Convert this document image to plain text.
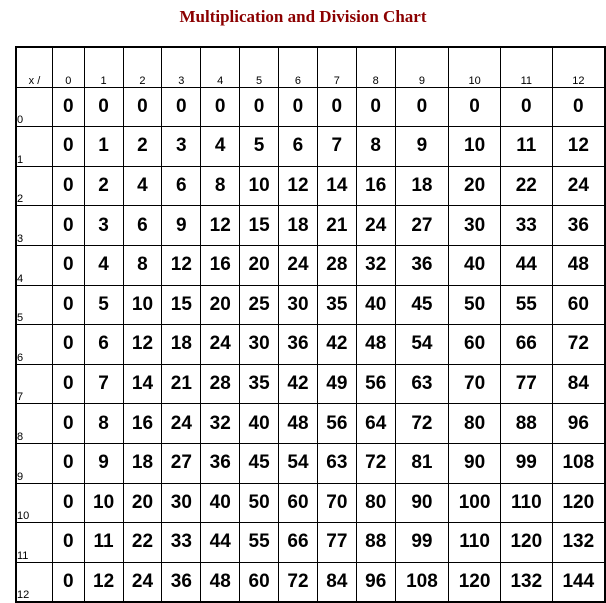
Multiplication and Division Chart
x /	0	1	2	3	4	5	6	7	8	9	10	11	12
0	0	0	0	0	0	0	0	0	0	0	0	0	0
1	0	1	2	3	4	5	6	7	8	9	10	11	12
2	0	2	4	6	8	10	12	14	16	18	20	22	24
3	0	3	6	9	12	15	18	21	24	27	30	33	36
4	0	4	8	12	16	20	24	28	32	36	40	44	48
5	0	5	10	15	20	25	30	35	40	45	50	55	60
6	0	6	12	18	24	30	36	42	48	54	60	66	72
7	0	7	14	21	28	35	42	49	56	63	70	77	84
8	0	8	16	24	32	40	48	56	64	72	80	88	96
9	0	9	18	27	36	45	54	63	72	81	90	99	108
10	0	10	20	30	40	50	60	70	80	90	100	110	120
11	0	11	22	33	44	55	66	77	88	99	110	120	132
12	0	12	24	36	48	60	72	84	96	108	120	132	144
